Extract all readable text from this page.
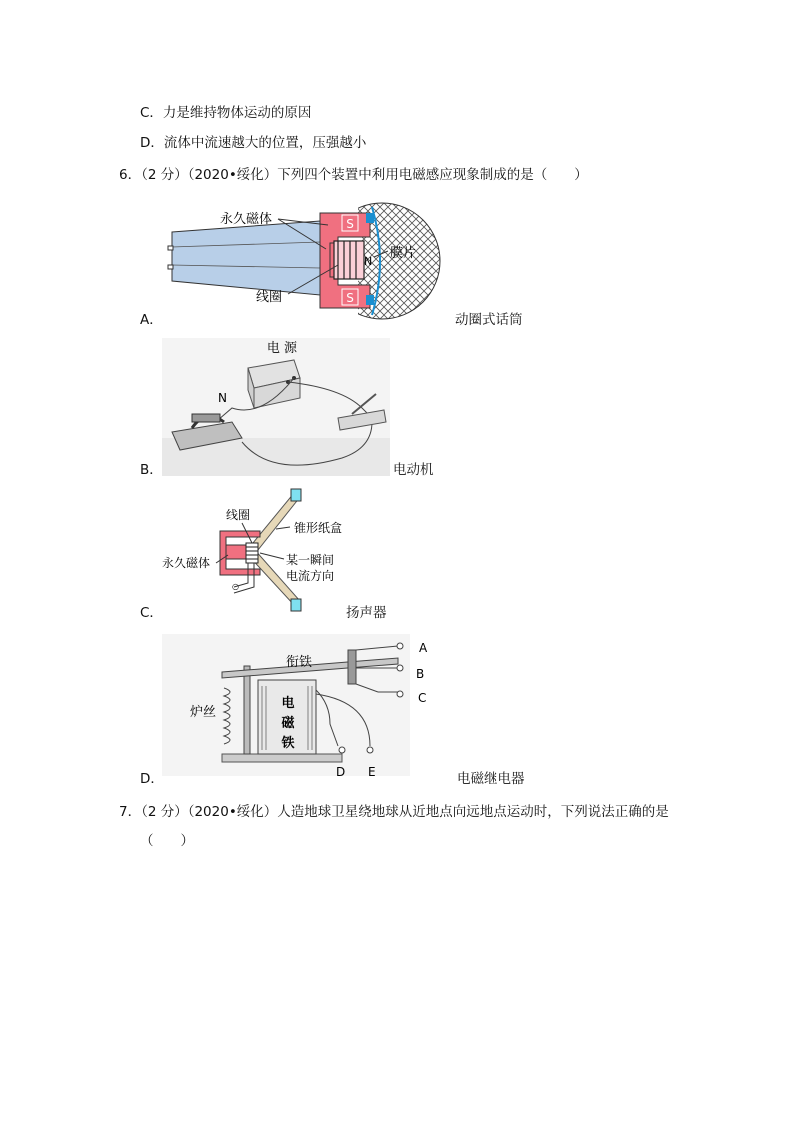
C．力是维持物体运动的原因
D．流体中流速越大的位置，压强越小
6．（2 分）（2020•绥化）下列四个装置中利用电磁感应现象制成的是（　　）
S
S
N
永久磁体
线圈
膜片
A．	动圈式话筒
电 源
N
B．	电动机
○
线圈
锥形纸盒
永久磁体	某一瞬间
电流方向
C．	扬声器
电
磁
铁
衔铁
炉丝
A
B
C
D E
D．	电磁继电器
7．（2 分）（2020•绥化）人造地球卫星绕地球从近地点向远地点运动时，下列说法正确的是
（　　）
